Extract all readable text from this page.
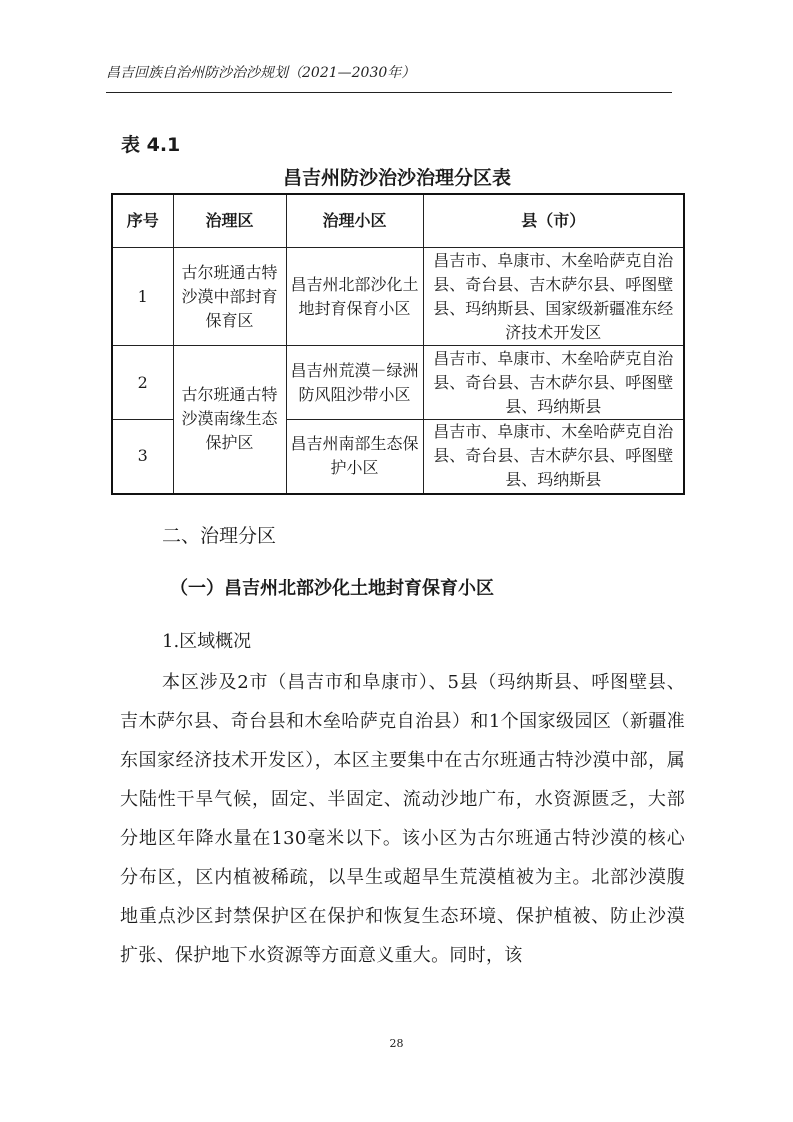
昌吉回族自治州防沙治沙规划（2021—2030年）
表 4.1
昌吉州防沙治沙治理分区表
序号	治理区	治理小区	县（市）
1	古尔班通古特沙漠中部封育保育区	昌吉州北部沙化土地封育保育小区	昌吉市、阜康市、木垒哈萨克自治县、奇台县、吉木萨尔县、呼图壁县、玛纳斯县、国家级新疆准东经济技术开发区
2	古尔班通古特沙漠南缘生态保护区	昌吉州荒漠－绿洲防风阻沙带小区	昌吉市、阜康市、木垒哈萨克自治县、奇台县、吉木萨尔县、呼图壁县、玛纳斯县
3		昌吉州南部生态保护小区	昌吉市、阜康市、木垒哈萨克自治县、奇台县、吉木萨尔县、呼图壁县、玛纳斯县
二、治理分区
（一）昌吉州北部沙化土地封育保育小区
1.区域概况
本区涉及2市（昌吉市和阜康市）、5县（玛纳斯县、呼图壁县、吉木萨尔县、奇台县和木垒哈萨克自治县）和1个国家级园区（新疆准东国家经济技术开发区），本区主要集中在古尔班通古特沙漠中部，属大陆性干旱气候，固定、半固定、流动沙地广布，水资源匮乏，大部分地区年降水量在130毫米以下。该小区为古尔班通古特沙漠的核心分布区，区内植被稀疏，以旱生或超旱生荒漠植被为主。北部沙漠腹地重点沙区封禁保护区在保护和恢复生态环境、保护植被、防止沙漠扩张、保护地下水资源等方面意义重大。同时，该
28
